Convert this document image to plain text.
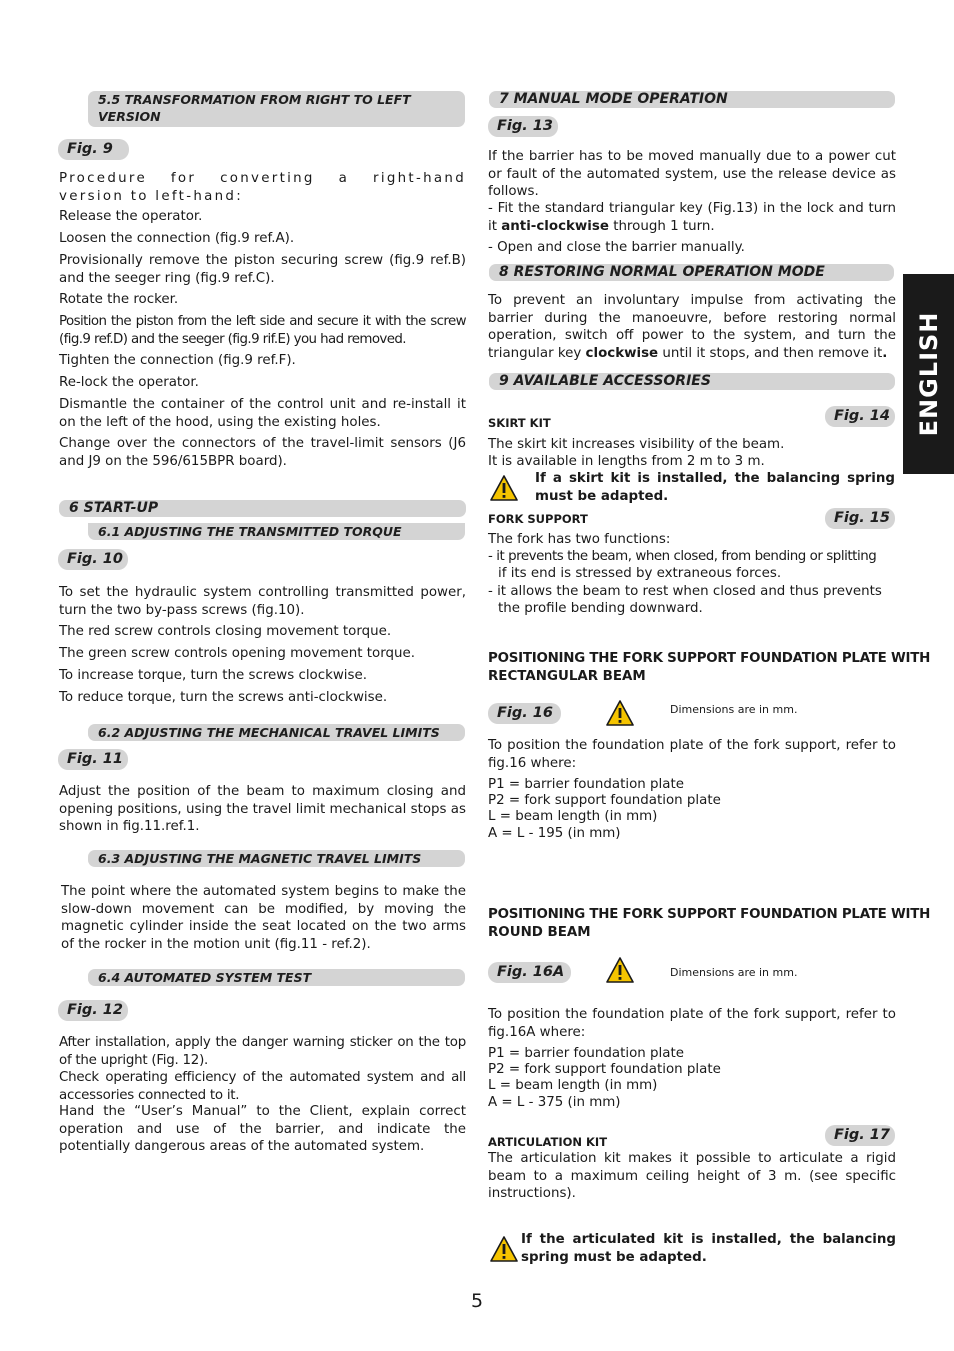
5.5 TRANSFORMATION FROM RIGHT TO LEFT VERSION
Fig. 9

Procedure for converting a right-hand version to left-hand:

Release the operator.

Loosen the connection (fig.9 ref.A).

Provisionally remove the piston securing screw (fig.9 ref.B) and the seeger ring (fig.9 ref.C).

Rotate the rocker.

Position the piston from the left side and secure it with the screw (fig.9 ref.D) and the seeger (fig.9 rif.E) you had removed.

Tighten the connection (fig.9 ref.F).

Re-lock the operator.

Dismantle the container of the control unit and re-install it on the left of the hood, using the existing holes.

Change over the connectors of the travel-limit sensors (J6 and J9 on the 596/615BPR board).

6 START-UP
6.1 ADJUSTING THE TRANSMITTED TORQUE
Fig. 10

To set the hydraulic system controlling transmitted power, turn the two by-pass screws (fig.10).

The red screw controls closing movement torque.

The green screw controls opening movement torque.

To increase torque, turn the screws clockwise.

To reduce torque, turn the screws anti-clockwise.

6.2 ADJUSTING THE MECHANICAL TRAVEL LIMITS
Fig. 11

Adjust the position of the beam to maximum closing and opening positions, using the travel limit mechanical stops as shown in fig.11.ref.1.

6.3 ADJUSTING THE MAGNETIC TRAVEL LIMITS

The point where the automated system begins to make the slow-down movement can be modified, by moving the magnetic cylinder inside the seat located on the two arms of the rocker in the motion unit (fig.11 - ref.2).

6.4 AUTOMATED SYSTEM TEST
Fig. 12

After installation, apply the danger warning sticker on the top of the upright (Fig. 12).

Check operating efficiency of the automated system and all accessories connected to it.

Hand the “User’s Manual” to the Client, explain correct operation and use of the barrier, and indicate the potentially dangerous areas of the automated system.

7 MANUAL MODE OPERATION
Fig. 13

If the barrier has to be moved manually due to a power cut or fault of the automated system, use the release device as follows.

- Fit the standard triangular key (Fig.13) in the lock and turn it anti-clockwise through 1 turn.

- Open and close the barrier manually.

8 RESTORING NORMAL OPERATION MODE

To prevent an involuntary impulse from activating the barrier during the manoeuvre, before restoring normal operation, switch off power to the system, and turn the triangular key clockwise until it stops, and then remove it.

9 AVAILABLE ACCESSORIES
SKIRT KIT	Fig. 14

The skirt kit increases visibility of the beam.

It is available in lengths from 2 m to 3 m.

If a skirt kit is installed, the balancing spring must be adapted.
FORK SUPPORT	Fig. 15

The fork has two functions:

- it prevents the beam, when closed, from bending or splitting

if its end is stressed by extraneous forces.

- it allows the beam to rest when closed and thus prevents

the profile bending downward.

POSITIONING THE FORK SUPPORT FOUNDATION PLATE WITH
RECTANGULAR BEAM
Fig. 16	Dimensions are in mm.

To position the foundation plate of the fork support, refer to fig.16 where:

P1 = barrier foundation plate
P2 = fork support foundation plate
L = beam length (in mm)
A = L - 195 (in mm)
POSITIONING THE FORK SUPPORT FOUNDATION PLATE WITH
ROUND BEAM
Fig. 16A	Dimensions are in mm.

To position the foundation plate of the fork support, refer to fig.16A where:

P1 = barrier foundation plate
P2 = fork support foundation plate
L = beam length (in mm)
A = L - 375 (in mm)
ARTICULATION KIT	Fig. 17

The articulation kit makes it possible to articulate a rigid beam to a maximum ceiling height of 3 m. (see specific instructions).

If the articulated kit is installed, the balancing spring must be adapted.
ENGLISH
5
